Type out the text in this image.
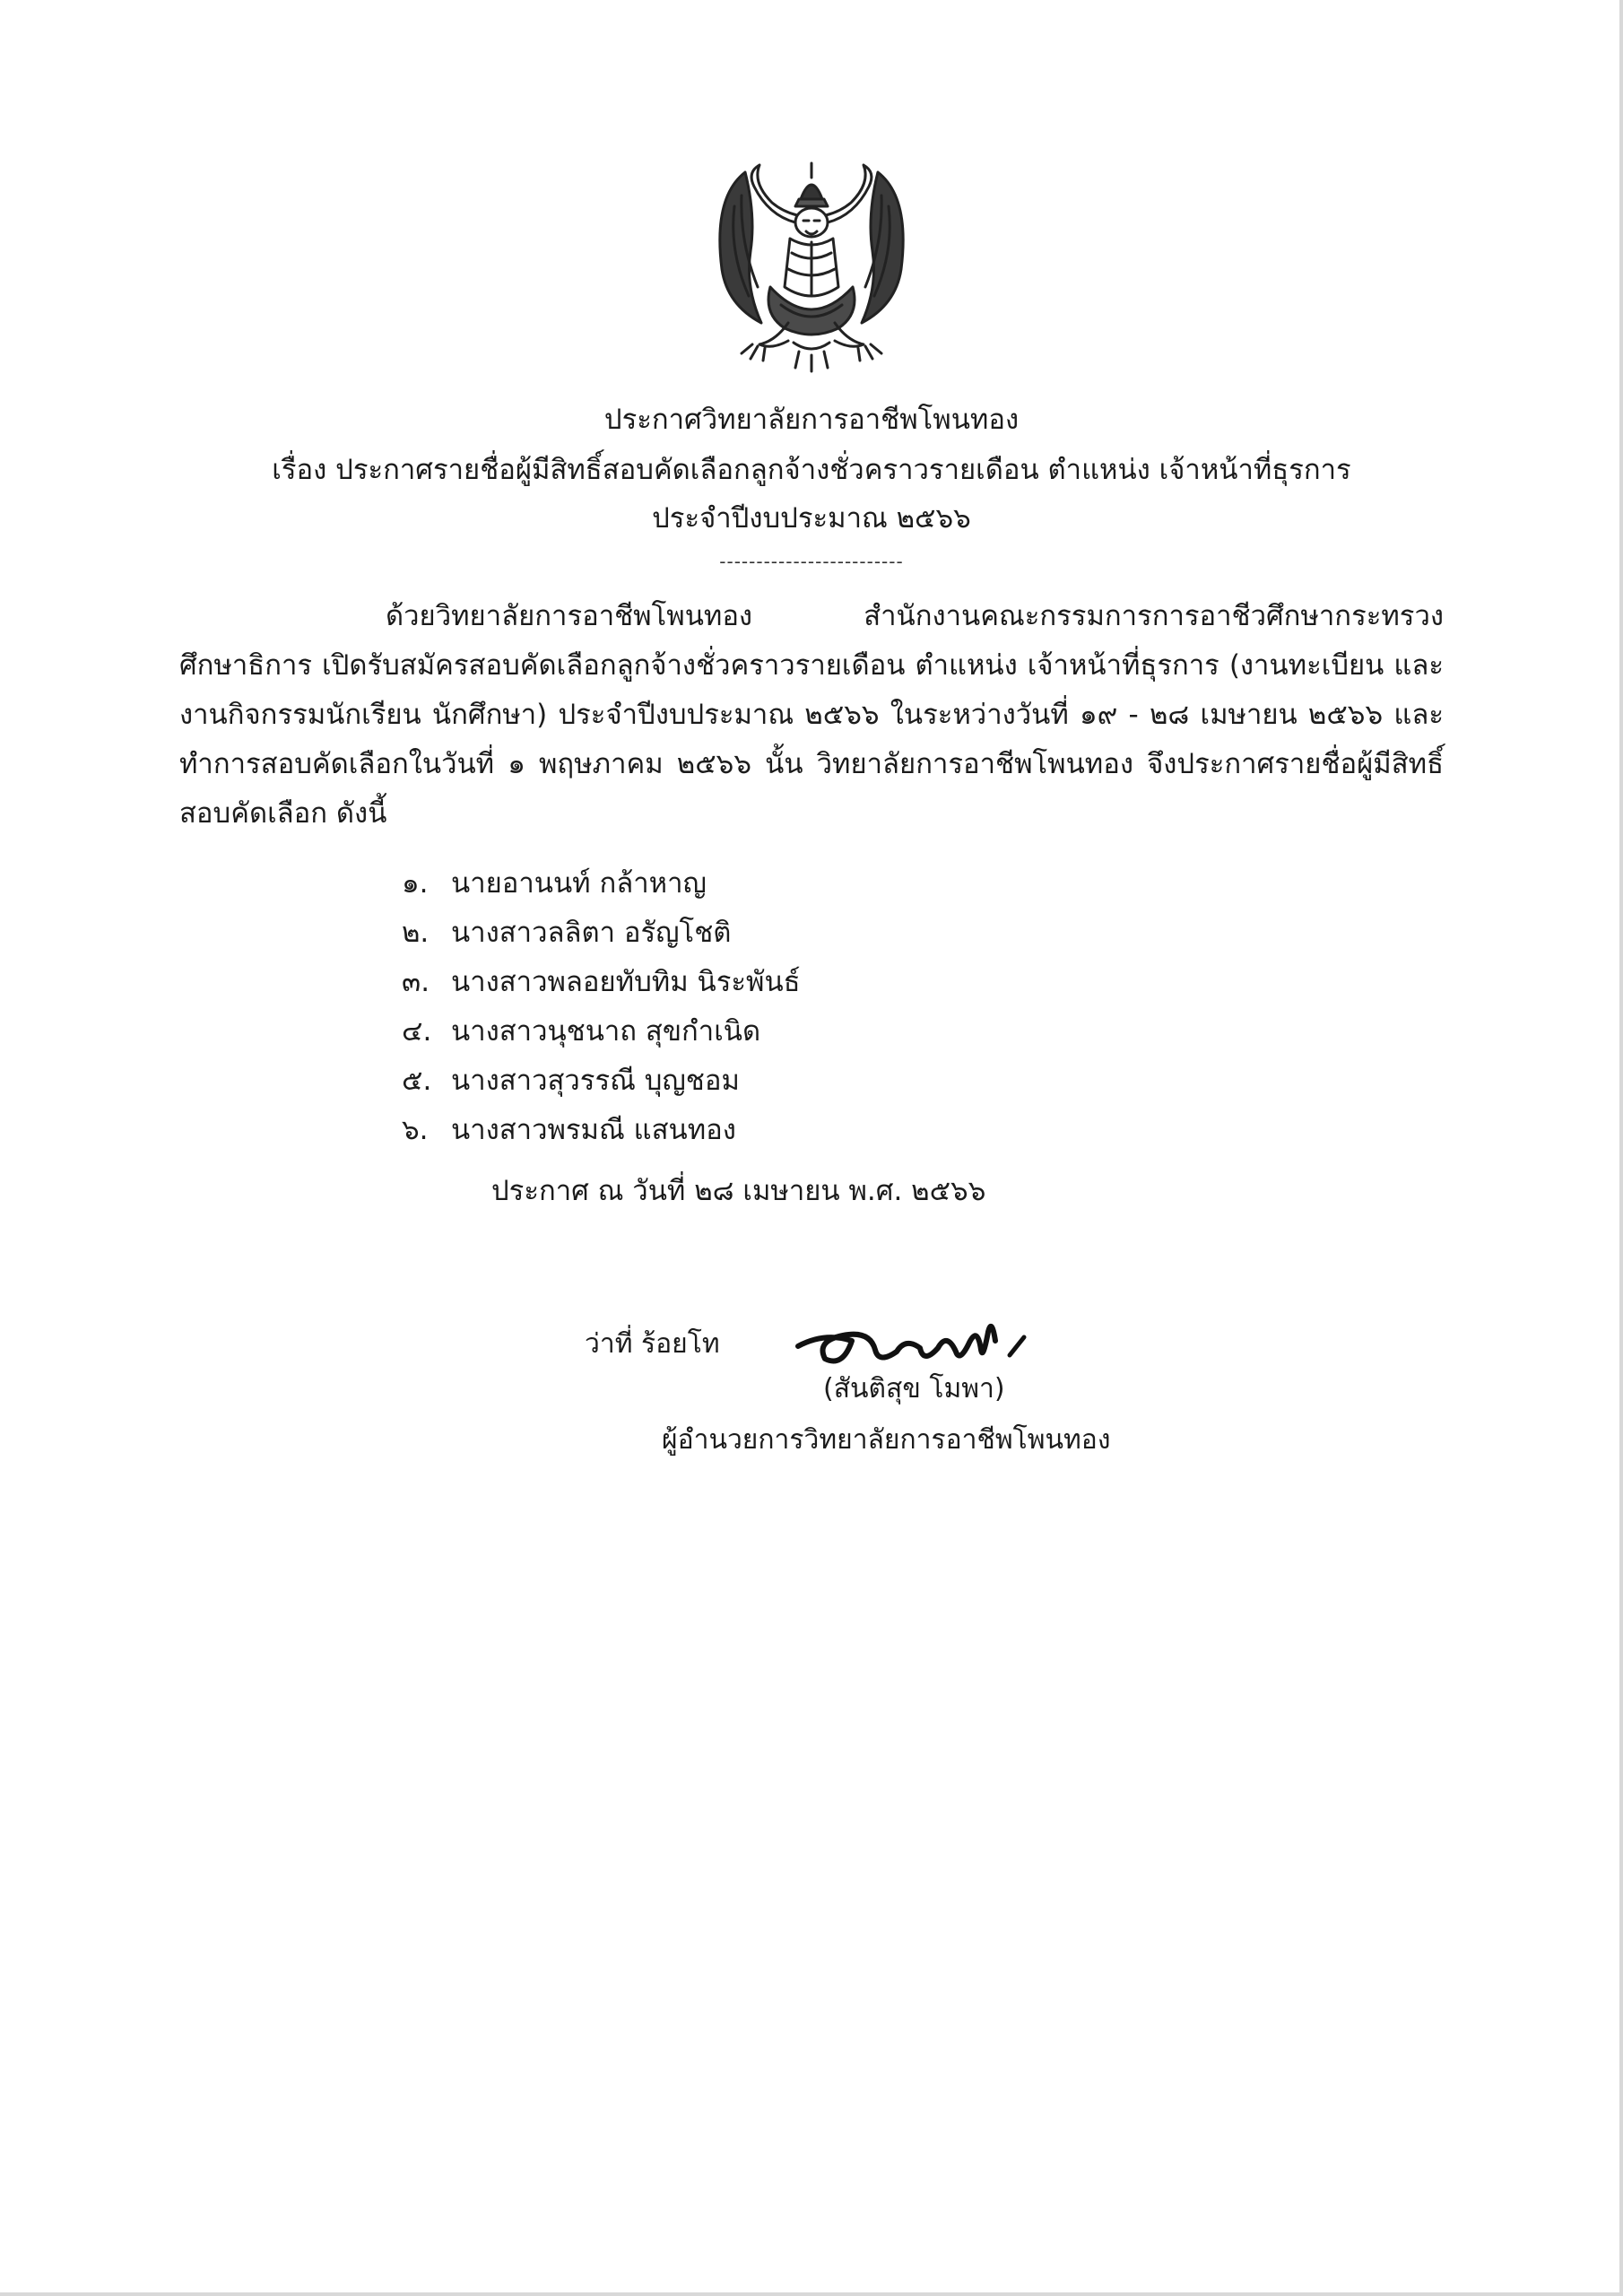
ประกาศวิทยาลัยการอาชีพโพนทอง
เรื่อง ประกาศรายชื่อผู้มีสิทธิ์สอบคัดเลือกลูกจ้างชั่วคราวรายเดือน ตำแหน่ง เจ้าหน้าที่ธุรการ
ประจำปีงบประมาณ ๒๕๖๖
-------------------------
ด้วยวิทยาลัยการอาชีพโพนทอง สำนักงานคณะกรรมการการอาชีวศึกษากระทรวงศึกษาธิการ เปิดรับสมัครสอบคัดเลือกลูกจ้างชั่วคราวรายเดือน ตำแหน่ง เจ้าหน้าที่ธุรการ (งานทะเบียน และงานกิจกรรมนักเรียน นักศึกษา) ประจำปีงบประมาณ ๒๕๖๖ ในระหว่างวันที่ ๑๙ - ๒๘ เมษายน ๒๕๖๖ และทำการสอบคัดเลือกในวันที่ ๑ พฤษภาคม ๒๕๖๖ นั้น วิทยาลัยการอาชีพโพนทอง จึงประกาศรายชื่อผู้มีสิทธิ์สอบคัดเลือก ดังนี้
๑. นายอานนท์ กล้าหาญ
๒. นางสาวลลิตา อรัญโชติ
๓. นางสาวพลอยทับทิม นิระพันธ์
๔. นางสาวนุชนาถ สุขกำเนิด
๕. นางสาวสุวรรณี บุญชอม
๖. นางสาวพรมณี แสนทอง
ประกาศ ณ วันที่ ๒๘ เมษายน พ.ศ. ๒๕๖๖
ว่าที่ ร้อยโท
(สันติสุข โมพา)
ผู้อำนวยการวิทยาลัยการอาชีพโพนทอง
